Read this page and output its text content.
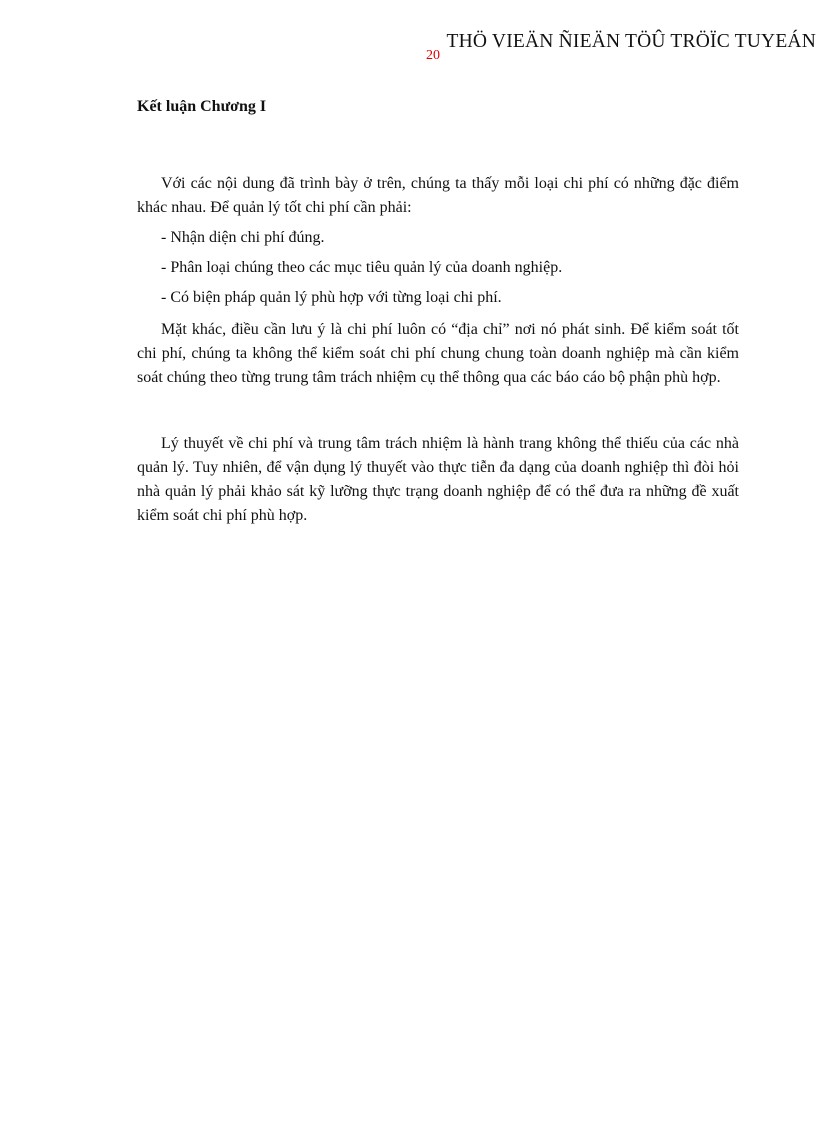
THÖ VIEÄN ÑIEÄN TÖÛ TRÖÏC TUYEÁN
20
Kết luận Chương I

Với các nội dung đã trình bày ở trên, chúng ta thấy mỗi loại chi phí có những đặc điểm khác nhau. Để quản lý tốt chi phí cần phải:

- Nhận diện chi phí đúng.

- Phân loại chúng theo các mục tiêu quản lý của doanh nghiệp.

- Có biện pháp quản lý phù hợp với từng loại chi phí.

Mặt khác, điều cần lưu ý là chi phí luôn có “địa chỉ” nơi nó phát sinh. Để kiểm soát tốt chi phí, chúng ta không thể kiểm soát chi phí chung chung toàn doanh nghiệp mà cần kiểm soát chúng theo từng trung tâm trách nhiệm cụ thể thông qua các báo cáo bộ phận phù hợp.

Lý thuyết về chi phí và trung tâm trách nhiệm là hành trang không thể thiếu của các nhà quản lý. Tuy nhiên, để vận dụng lý thuyết vào thực tiễn đa dạng của doanh nghiệp thì đòi hỏi nhà quản lý phải khảo sát kỹ lưỡng thực trạng doanh nghiệp để có thể đưa ra những đề xuất kiểm soát chi phí phù hợp.
